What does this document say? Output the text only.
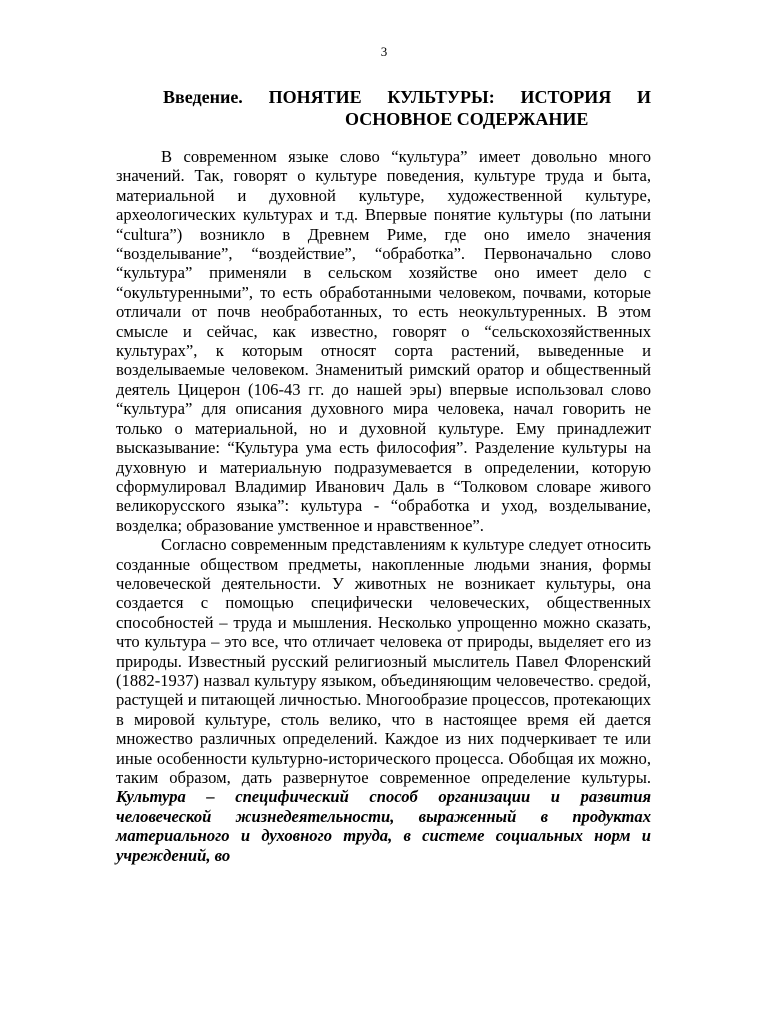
3
Введение. ПОНЯТИЕ КУЛЬТУРЫ: ИСТОРИЯ И
ОСНОВНОЕ СОДЕРЖАНИЕ

В современном языке слово “культура” имеет довольно много значений. Так, говорят о культуре поведения, культуре труда и быта, материальной и духовной культуре, художественной культуре, археологических культурах и т.д. Впервые понятие культуры (по латыни “cultura”) возникло в Древнем Риме, где оно имело значения “возделывание”, “воздействие”, “обработка”. Первоначально слово “культура” применяли в сельском хозяйстве оно имеет дело с “окультуренными”, то есть обработанными человеком, почвами, которые отличали от почв необработанных, то есть неокультуренных. В этом смысле и сейчас, как известно, говорят о “сельскохозяйственных культурах”, к которым относят сорта растений, выведенные и возделываемые человеком. Знаменитый римский оратор и общественный деятель Цицерон (106-43 гг. до нашей эры) впервые использовал слово “культура” для описания духовного мира человека, начал говорить не только о материальной, но и духовной культуре. Ему принадлежит высказывание: “Культура ума есть философия”. Разделение культуры на духовную и материальную подразумевается в определении, которую сформулировал Владимир Иванович Даль в “Толковом словаре живого великорусского языка”: культура - “обработка и уход, возделывание, возделка; образование умственное и нравственное”.

Согласно современным представлениям к культуре следует относить созданные обществом предметы, накопленные людьми знания, формы человеческой деятельности. У животных не возникает культуры, она создается с помощью специфически человеческих, общественных способностей – труда и мышления. Несколько упрощенно можно сказать, что культура – это все, что отличает человека от природы, выделяет его из природы. Известный русский религиозный мыслитель Павел Флоренский (1882-1937) назвал культуру языком, объединяющим человечество. средой, растущей и питающей личностью. Многообразие процессов, протекающих в мировой культуре, столь велико, что в настоящее время ей дается множество различных определений. Каждое из них подчеркивает те или иные особенности культурно-исторического процесса. Обобщая их можно, таким образом, дать развернутое современное определение культуры. Культура – специфический способ организации и развития человеческой жизнедеятельности, выраженный в продуктах материального и духовного труда, в системе социальных норм и учреждений, во
